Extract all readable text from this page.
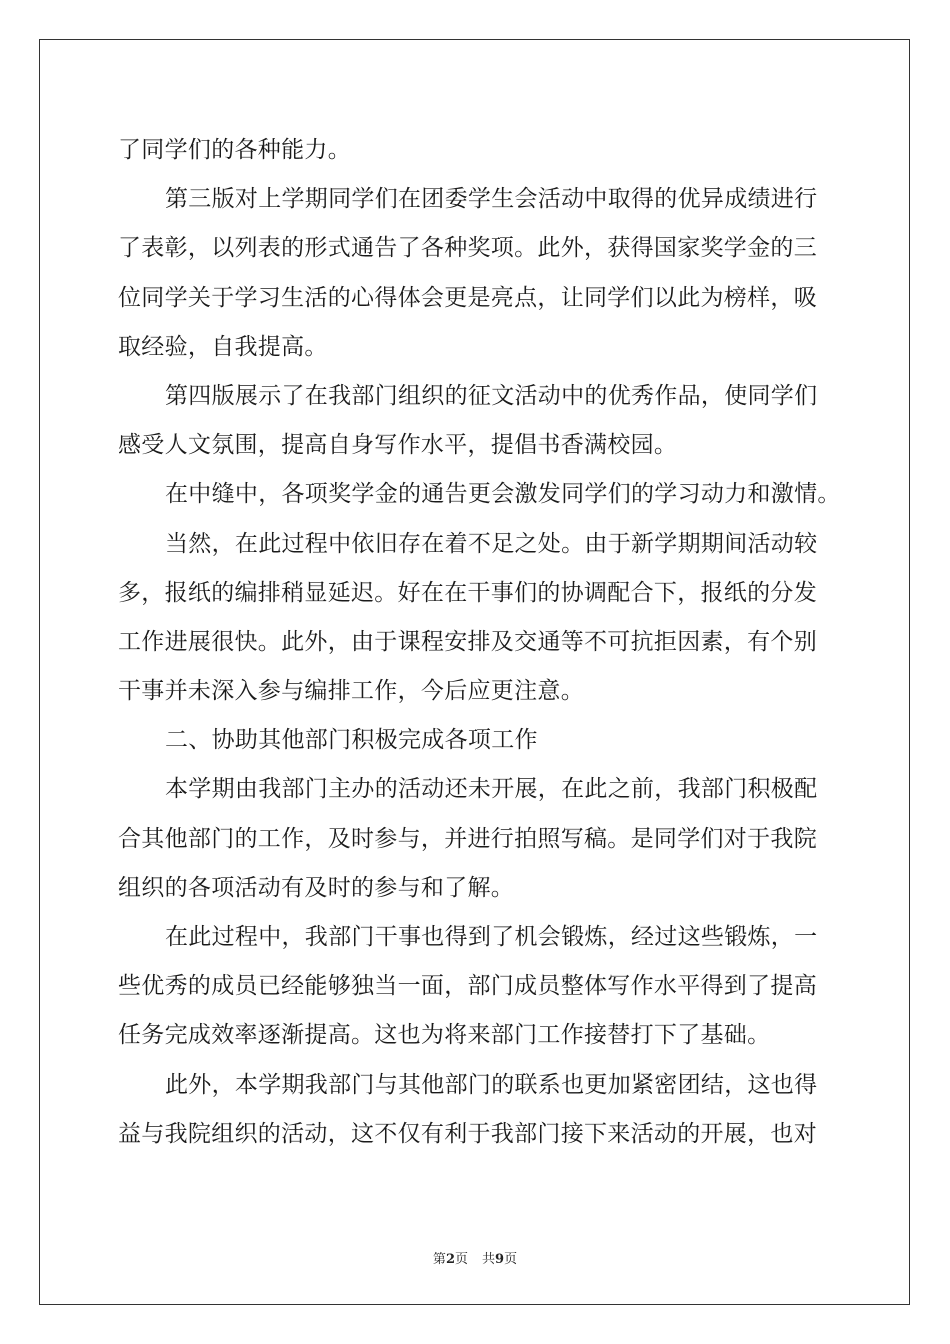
了同学们的各种能力。
第三版对上学期同学们在团委学生会活动中取得的优异成绩进行
了表彰，以列表的形式通告了各种奖项。此外，获得国家奖学金的三
位同学关于学习生活的心得体会更是亮点，让同学们以此为榜样，吸
取经验，自我提高。
第四版展示了在我部门组织的征文活动中的优秀作品，使同学们
感受人文氛围，提高自身写作水平，提倡书香满校园。
在中缝中，各项奖学金的通告更会激发同学们的学习动力和激情。
当然，在此过程中依旧存在着不足之处。由于新学期期间活动较
多，报纸的编排稍显延迟。好在在干事们的协调配合下，报纸的分发
工作进展很快。此外，由于课程安排及交通等不可抗拒因素，有个别
干事并未深入参与编排工作，今后应更注意。
二、协助其他部门积极完成各项工作
本学期由我部门主办的活动还未开展，在此之前，我部门积极配
合其他部门的工作，及时参与，并进行拍照写稿。是同学们对于我院
组织的各项活动有及时的参与和了解。
在此过程中，我部门干事也得到了机会锻炼，经过这些锻炼，一
些优秀的成员已经能够独当一面，部门成员整体写作水平得到了提高
任务完成效率逐渐提高。这也为将来部门工作接替打下了基础。
此外，本学期我部门与其他部门的联系也更加紧密团结，这也得
益与我院组织的活动，这不仅有利于我部门接下来活动的开展，也对
第2页 共9页
